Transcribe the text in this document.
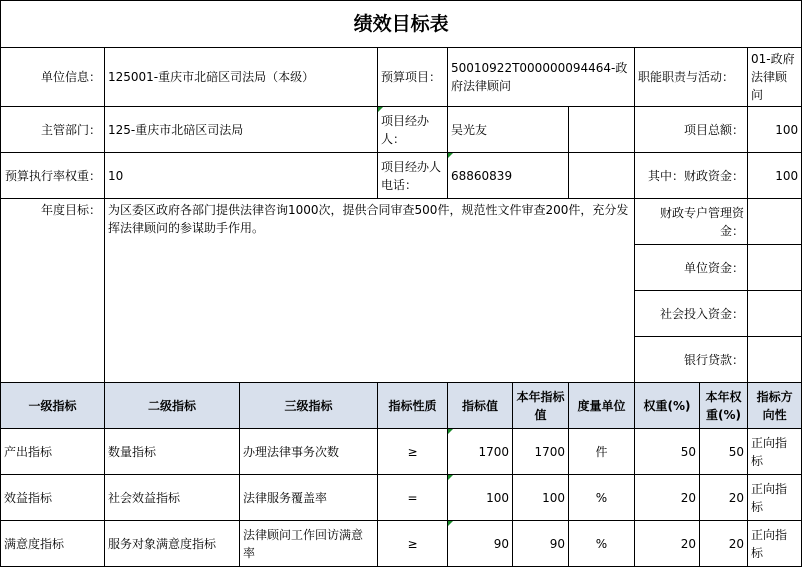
绩效目标表										
单位信息：	125001-重庆市北碚区司法局（本级）		预算项目：	50010922T000000094464-政府法律顾问			职能职责与活动：		01-政府法律顾问	
主管部门：	125-重庆市北碚区司法局		项目经办人：	吴光友			项目总额：		100	
预算执行率权重：	10		项目经办人电话：	68860839			其中：财政资金：		100	
年度目标：	为区委区政府各部门提供法律咨询1000次，提供合同审查500件，规范性文件审查200件，充分发挥法律顾问的参谋助手作用。						财政专户管理资金：		
							单位资金：		
							社会投入资金：		
							银行贷款：		
一级指标	二级指标	三级指标	指标性质	指标值	本年指标值	度量单位	权重(%)	本年权重(%)	指标方向性	
产出指标	数量指标	办理法律事务次数	≥	1700	1700	件	50	50	正向指标	
效益指标	社会效益指标	法律服务覆盖率	=	100	100	%	20	20	正向指标	
满意度指标	服务对象满意度指标	法律顾问工作回访满意率	≥	90	90	%	20	20	正向指标	
